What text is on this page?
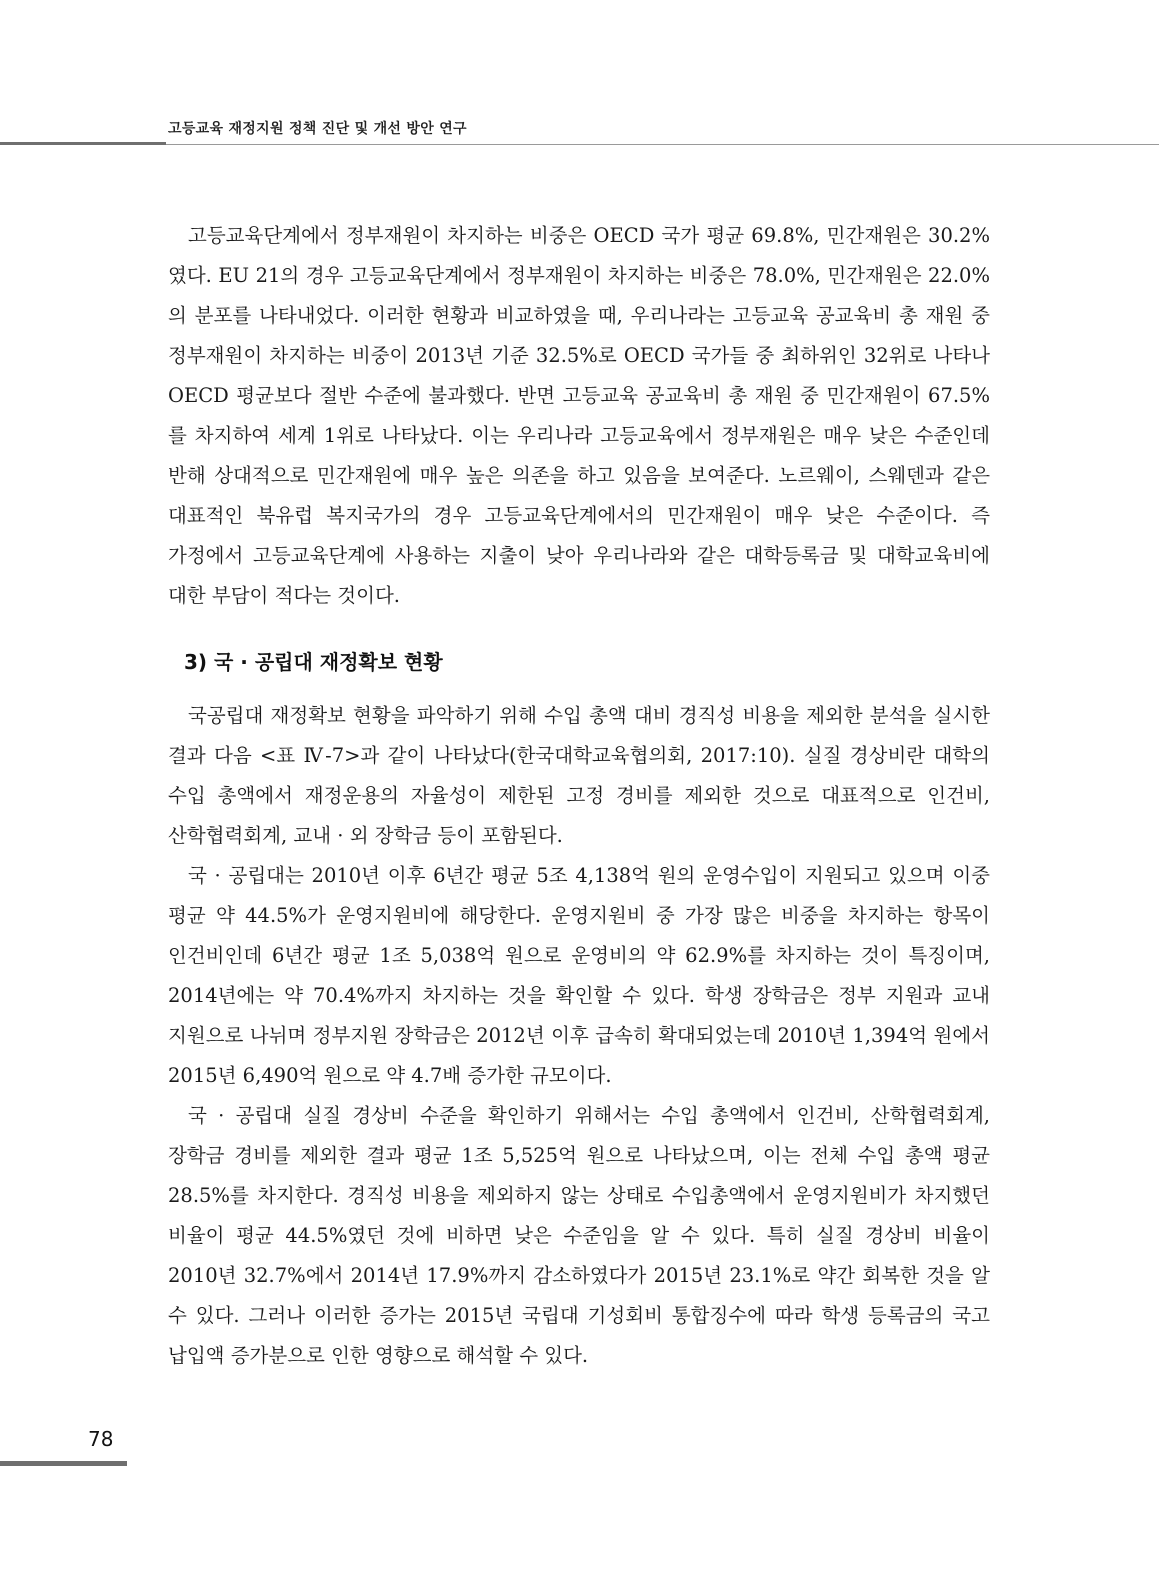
고등교육 재정지원 정책 진단 및 개선 방안 연구

고등교육단계에서 정부재원이 차지하는 비중은 OECD 국가 평균 69.8%, 민간재원은 30.2%였다. EU 21의 경우 고등교육단계에서 정부재원이 차지하는 비중은 78.0%, 민간재원은 22.0%의 분포를 나타내었다. 이러한 현황과 비교하였을 때, 우리나라는 고등교육 공교육비 총 재원 중 정부재원이 차지하는 비중이 2013년 기준 32.5%로 OECD 국가들 중 최하위인 32위로 나타나 OECD 평균보다 절반 수준에 불과했다. 반면 고등교육 공교육비 총 재원 중 민간재원이 67.5%를 차지하여 세계 1위로 나타났다. 이는 우리나라 고등교육에서 정부재원은 매우 낮은 수준인데 반해 상대적으로 민간재원에 매우 높은 의존을 하고 있음을 보여준다. 노르웨이, 스웨덴과 같은 대표적인 북유럽 복지국가의 경우 고등교육단계에서의 민간재원이 매우 낮은 수준이다. 즉 가정에서 고등교육단계에 사용하는 지출이 낮아 우리나라와 같은 대학등록금 및 대학교육비에 대한 부담이 적다는 것이다.

3) 국 · 공립대 재정확보 현황

국공립대 재정확보 현황을 파악하기 위해 수입 총액 대비 경직성 비용을 제외한 분석을 실시한 결과 다음 <표 Ⅳ-7>과 같이 나타났다(한국대학교육협의회, 2017:10). 실질 경상비란 대학의 수입 총액에서 재정운용의 자율성이 제한된 고정 경비를 제외한 것으로 대표적으로 인건비, 산학협력회계, 교내 · 외 장학금 등이 포함된다.

국 · 공립대는 2010년 이후 6년간 평균 5조 4,138억 원의 운영수입이 지원되고 있으며 이중 평균 약 44.5%가 운영지원비에 해당한다. 운영지원비 중 가장 많은 비중을 차지하는 항목이 인건비인데 6년간 평균 1조 5,038억 원으로 운영비의 약 62.9%를 차지하는 것이 특징이며, 2014년에는 약 70.4%까지 차지하는 것을 확인할 수 있다. 학생 장학금은 정부 지원과 교내 지원으로 나뉘며 정부지원 장학금은 2012년 이후 급속히 확대되었는데 2010년 1,394억 원에서 2015년 6,490억 원으로 약 4.7배 증가한 규모이다.

국 · 공립대 실질 경상비 수준을 확인하기 위해서는 수입 총액에서 인건비, 산학협력회계, 장학금 경비를 제외한 결과 평균 1조 5,525억 원으로 나타났으며, 이는 전체 수입 총액 평균 28.5%를 차지한다. 경직성 비용을 제외하지 않는 상태로 수입총액에서 운영지원비가 차지했던 비율이 평균 44.5%였던 것에 비하면 낮은 수준임을 알 수 있다. 특히 실질 경상비 비율이 2010년 32.7%에서 2014년 17.9%까지 감소하였다가 2015년 23.1%로 약간 회복한 것을 알 수 있다. 그러나 이러한 증가는 2015년 국립대 기성회비 통합징수에 따라 학생 등록금의 국고 납입액 증가분으로 인한 영향으로 해석할 수 있다.

78
